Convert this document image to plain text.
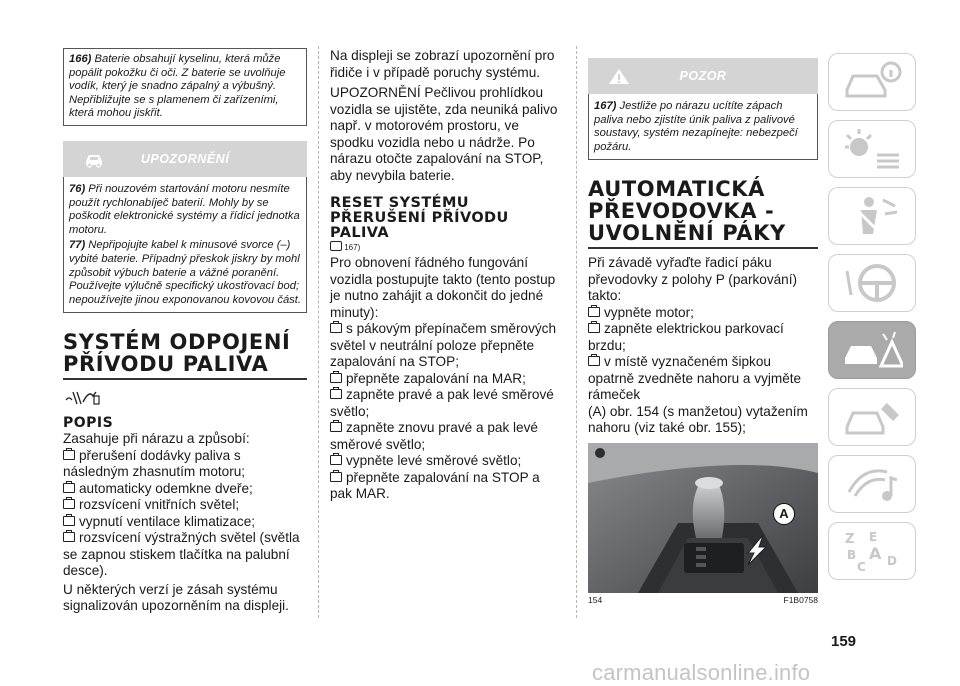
166) Baterie obsahují kyselinu, která může popálit pokožku či oči. Z baterie se uvolňuje vodík, který je snadno zápalný a výbušný. Nepřibližujte se s plamenem či zařízeními, která mohou jiskřit.

UPOZORNĚNÍ

76) Při nouzovém startování motoru nesmíte použít rychlonabíječ baterií. Mohly by se poškodit elektronické systémy a řídicí jednotka motoru.

77) Nepřipojujte kabel k minusové svorce (–) vybité baterie. Případný přeskok jiskry by mohl způsobit výbuch baterie a vážné poranění. Používejte výlučně specifický ukostřovací bod; nepoužívejte jinou exponovanou kovovou část.

SYSTÉM ODPOJENÍ
PŘÍVODU PALIVA

POPIS

Zasahuje při nárazu a způsobí:

přerušení dodávky paliva s následným zhasnutím motoru;

automaticky odemkne dveře;

rozsvícení vnitřních světel;

vypnutí ventilace klimatizace;

rozsvícení výstražných světel (světla se zapnou stiskem tlačítka na palubní desce).

U některých verzí je zásah systému signalizován upozorněním na displeji.

Na displeji se zobrazí upozornění pro řidiče i v případě poruchy systému.

UPOZORNĚNÍ Pečlivou prohlídkou vozidla se ujistěte, zda neuniká palivo např. v motorovém prostoru, ve spodku vozidla nebo u nádrže. Po nárazu otočte zapalování na STOP, aby nevybila baterie.

RESET SYSTÉMU
PŘERUŠENÍ PŘÍVODU
PALIVA

167)

Pro obnovení řádného fungování vozidla postupujte takto (tento postup je nutno zahájit a dokončit do jedné minuty):

s pákovým přepínačem směrových světel v neutrální poloze přepněte zapalování na STOP;

přepněte zapalování na MAR;

zapněte pravé a pak levé směrové světlo;

zapněte znovu pravé a pak levé směrové světlo;

vypněte levé směrové světlo;

přepněte zapalování na STOP a pak MAR.

POZOR

167) Jestliže po nárazu ucítíte zápach paliva nebo zjistíte únik paliva z palivové soustavy, systém nezapínejte: nebezpečí požáru.

AUTOMATICKÁ
PŘEVODOVKA -
UVOLNĚNÍ PÁKY

Při závadě vyřaďte řadicí páku převodovky z polohy P (parkování) takto:

vypněte motor;

zapněte elektrickou parkovací brzdu;

v místě vyznačeném šipkou opatrně zvedněte nahoru a vyjměte rámeček

(A) obr. 154 (s manžetou) vytažením nahoru (viz také obr. 155);

A
154	F1B0758
Z E
B A
C D
159
carmanualsonline.info
